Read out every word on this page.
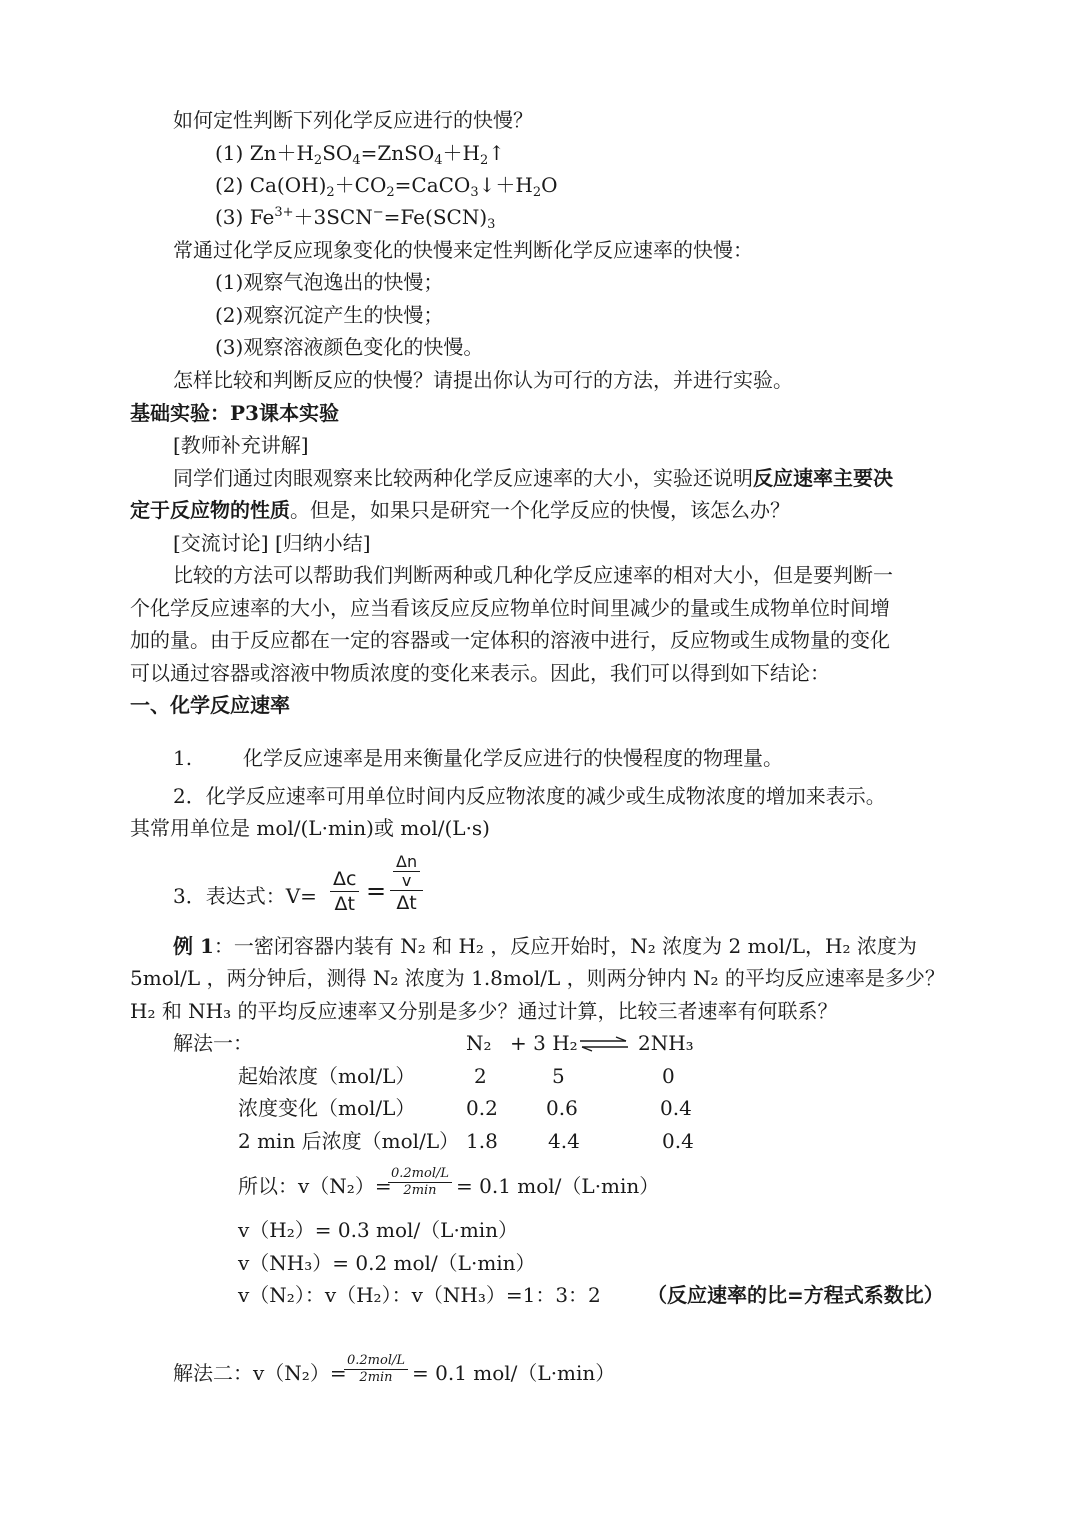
如何定性判断下列化学反应进行的快慢？
(1) $Zn+H_2SO_4=ZnSO_4+H_2↑$
(2) $Ca(OH)_2+CO_2=CaCO_3↓+H_2O$
(3) $Fe^{3+}+3SCN^-=Fe(SCN)_3$
常通过化学反应现象变化的快慢来定性判断化学反应速率的快慢：
(1)观察气泡逸出的快慢；
(2)观察沉淀产生的快慢；
(3)观察溶液颜色变化的快慢。
怎样比较和判断反应的快慢？请提出你认为可行的方法，并进行实验。
基础实验：P3课本实验
[教师补充讲解]
同学们通过肉眼观察来比较两种化学反应速率的大小，实验还说明反应速率主要决
定于反应物的性质。但是，如果只是研究一个化学反应的快慢，该怎么办？
[交流讨论] [归纳小结]
比较的方法可以帮助我们判断两种或几种化学反应速率的相对大小，但是要判断一
个化学反应速率的大小，应当看该反应反应物单位时间里减少的量或生成物单位时间增
加的量。由于反应都在一定的容器或一定体积的溶液中进行，反应物或生成物量的变化
可以通过容器或溶液中物质浓度的变化来表示。因此，我们可以得到如下结论：
一、化学反应速率
1.	化学反应速率是用来衡量化学反应进行的快慢程度的物理量。
2．化学反应速率可用单位时间内反应物浓度的减少或生成物浓度的增加来表示。
其常用单位是 mol/(L·min)或 mol/(L·s)
3．表达式：$V= \frac{\Delta c}{\Delta t}$ =
$\frac{\Delta n}{v}$
Δt
例 1：一密闭容器内装有 N₂ 和 H₂ ，反应开始时，N₂ 浓度为 2 mol/L，H₂ 浓度为
5mol/L ，两分钟后，测得 N₂ 浓度为 1.8mol/L ，则两分钟内 N₂ 的平均反应速率是多少？
H₂ 和 NH₃ 的平均反应速率又分别是多少？通过计算，比较三者速率有何联系？
解法一：	N₂ + 3 H₂ ⇌ 2NH₃
起始浓度（mol/L）	2	5	0
浓度变化（mol/L）	0.2 0.6	0.4
2 min 后浓度（mol/L） 1.8	4.4	0.4
所以：v（N₂）=
0.2mol/L
2min = 0.1 mol/（L·min）
v（H₂）= 0.3 mol/（L·min）
v（NH₃）= 0.2 mol/（L·min）
v（N₂）：v（H₂）：v（NH₃）=1：3：2 （反应速率的比=方程式系数比）
解法二：v（N₂）=
0.2mol/L
2min = 0.1 mol/（L·min）
